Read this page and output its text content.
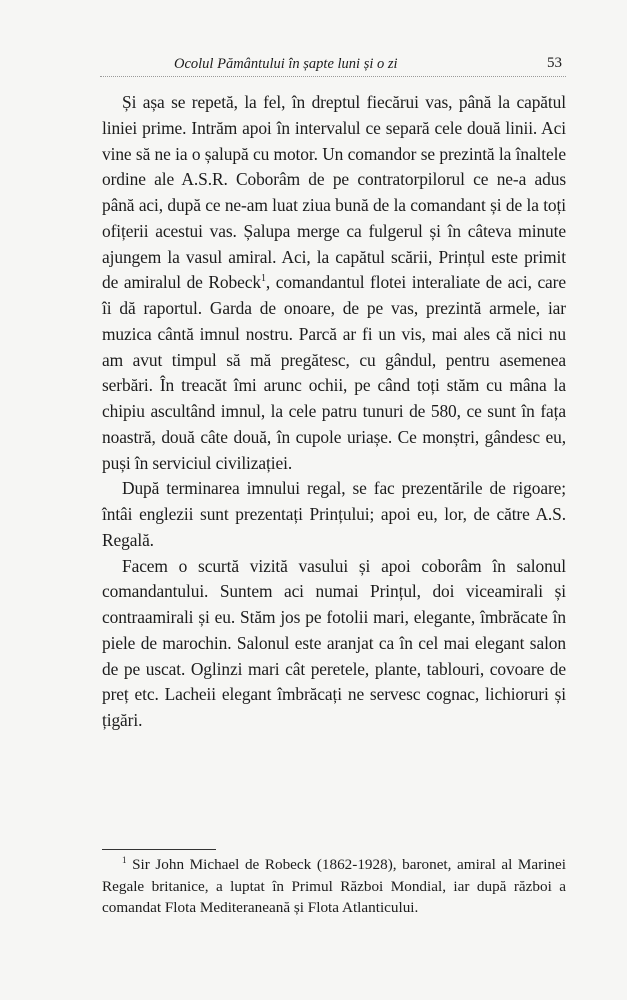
Ocolul Pământului în șapte luni și o zi	53

Și așa se repetă, la fel, în dreptul fiecărui vas, până la capătul liniei prime. Intrăm apoi în intervalul ce separă cele două linii. Aci vine să ne ia o șalupă cu motor. Un comandor se prezintă la înaltele ordine ale A.S.R. Coborâm de pe contratorpilorul ce ne-a adus până aci, după ce ne-am luat ziua bună de la comandant și de la toți ofițerii acestui vas. Șalupa merge ca fulgerul și în câteva minute ajungem la vasul amiral. Aci, la capătul scării, Prințul este primit de amiralul de Robeck$^1$, comandantul flotei interaliate de aci, care îi dă raportul. Garda de onoare, de pe vas, prezintă armele, iar muzica cântă imnul nostru. Parcă ar fi un vis, mai ales că nici nu am avut timpul să mă pregătesc, cu gândul, pentru asemenea serbări. În treacăt îmi arunc ochii, pe când toți stăm cu mâna la chipiu ascultând imnul, la cele patru tunuri de 580, ce sunt în fața noastră, două câte două, în cupole uriașe. Ce monștri, gândesc eu, puși în serviciul civilizației.

După terminarea imnului regal, se fac prezentările de rigoare; întâi englezii sunt prezentați Prințului; apoi eu, lor, de către A.S. Regală.

Facem o scurtă vizită vasului și apoi coborâm în salonul comandantului. Suntem aci numai Prințul, doi viceamirali și contraamirali și eu. Stăm jos pe fotolii mari, elegante, îmbrăcate în piele de marochin. Salonul este aranjat ca în cel mai elegant salon de pe uscat. Oglinzi mari cât peretele, plante, tablouri, covoare de preț etc. Lacheii elegant îmbrăcați ne servesc cognac, lichioruri și țigări.

$^1$ Sir John Michael de Robeck (1862-1928), baronet, amiral al Marinei Regale britanice, a luptat în Primul Război Mondial, iar după război a comandat Flota Mediteraneană și Flota Atlanticului.
